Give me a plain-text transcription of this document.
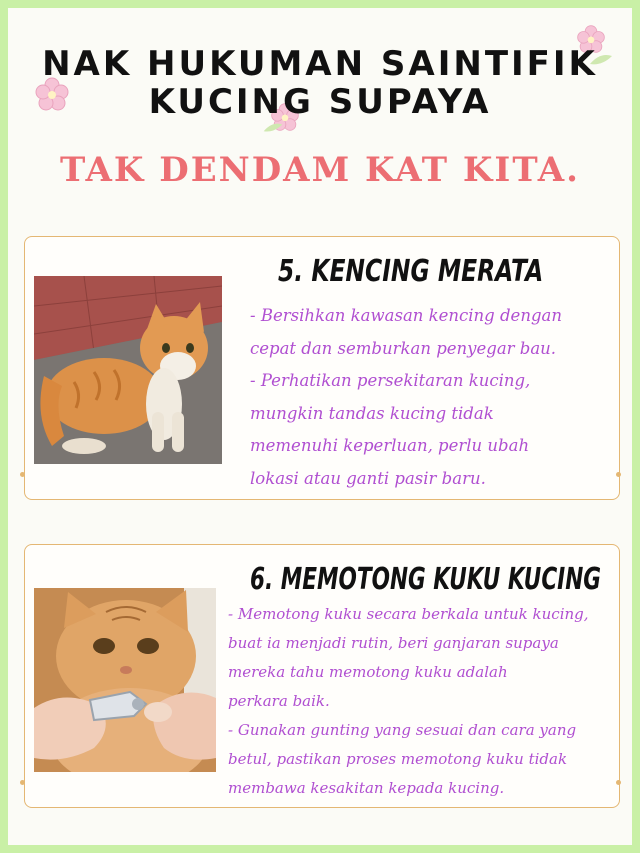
NAK HUKUMAN SAINTIFIK
KUCING SUPAYA
TAK DENDAM KAT KITA.
5. KENCING MERATA
- Bersihkan kawasan kencing dengan
cepat dan semburkan penyegar bau.
- Perhatikan persekitaran kucing,
mungkin tandas kucing tidak
memenuhi keperluan, perlu ubah
lokasi atau ganti pasir baru.
6. MEMOTONG KUKU KUCING
- Memotong kuku secara berkala untuk kucing,
buat ia menjadi rutin, beri ganjaran supaya
mereka tahu memotong kuku adalah
perkara baik.
- Gunakan gunting yang sesuai dan cara yang
betul, pastikan proses memotong kuku tidak
membawa kesakitan kepada kucing.
